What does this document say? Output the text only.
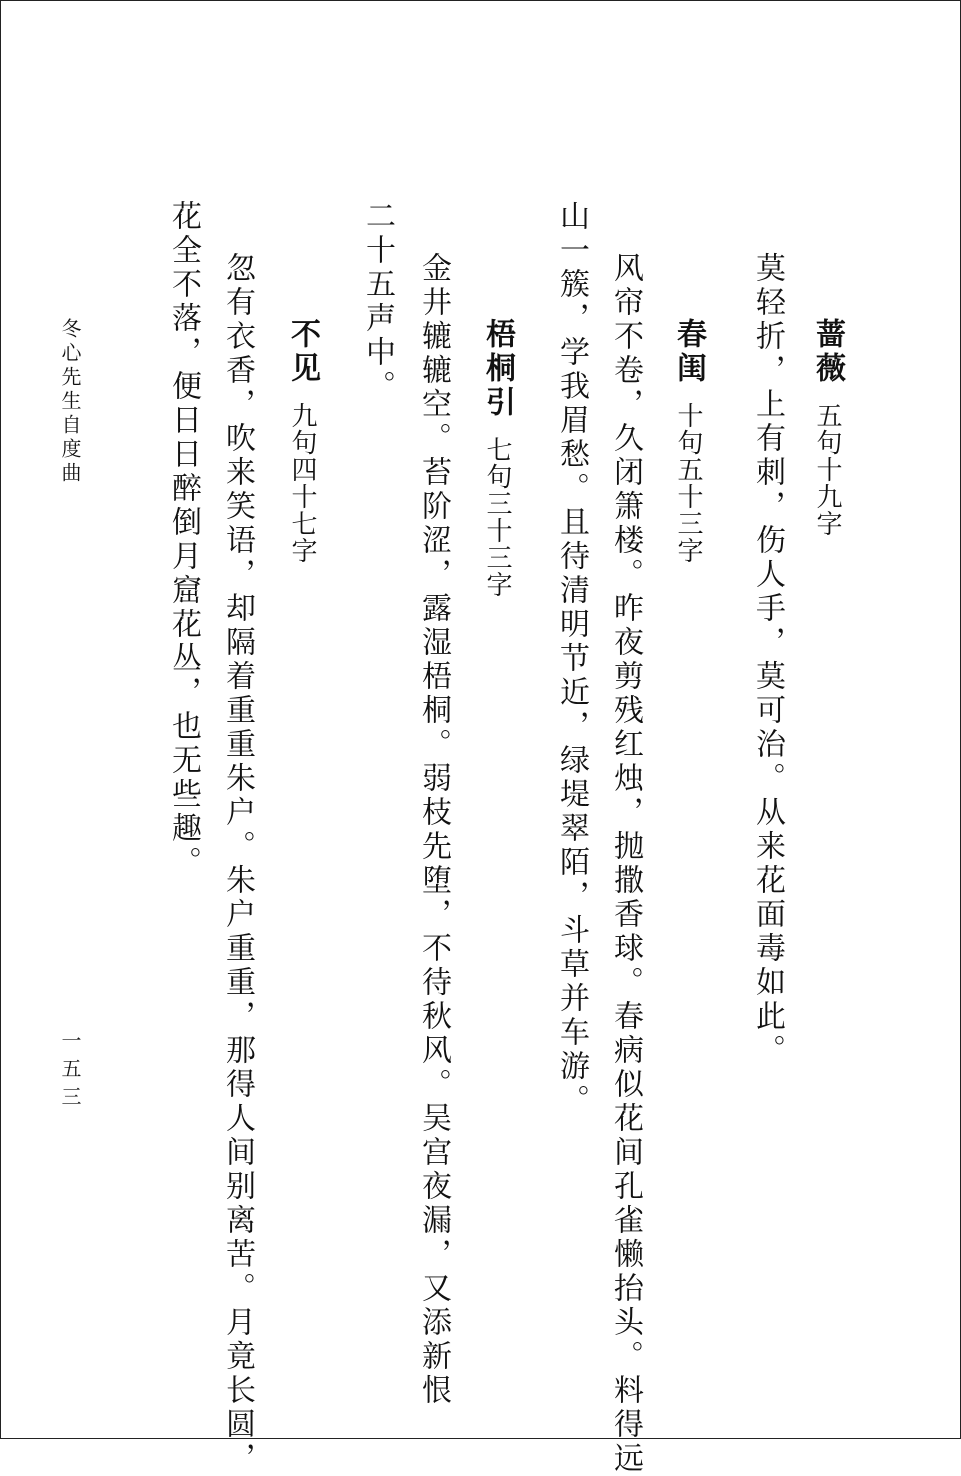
蔷薇五句十九字
莫轻折，上有刺，伤人手，莫可治。从来花面毒如此。
春闺十句五十三字
风帘不卷，久闭箫楼。昨夜剪残红烛，抛撒香球。春病似花间孔雀懒抬头。料得远
山一簇，学我眉愁。且待清明节近，绿堤翠陌，斗草并车游。
梧桐引七句三十三字
金井辘辘空。苔阶涩，露湿梧桐。弱枝先堕，不待秋风。吴宫夜漏，又添新恨
二十五声中。
不见九句四十七字
忽有衣香，吹来笑语，却隔着重重朱户。朱户重重，那得人间别离苦。月竟长圆，
花全不落，便日日醉倒月窟花丛，也无些趣。
冬心先生自度曲
一五三
